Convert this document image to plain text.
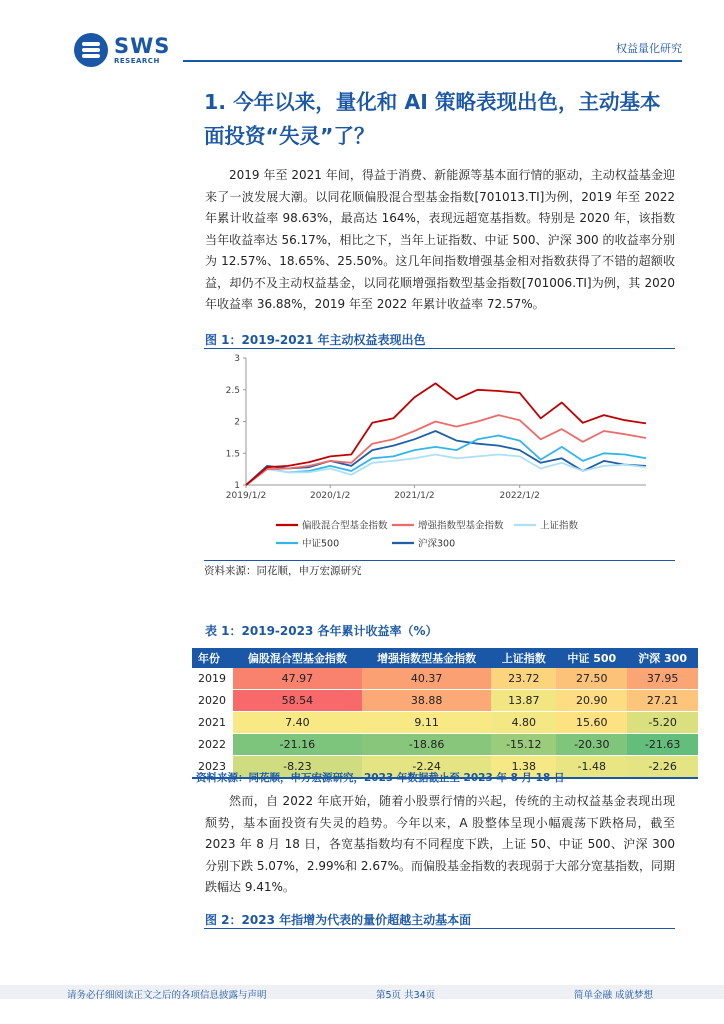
SWS
RESEARCH
权益量化研究
1. 今年以来，量化和 AI 策略表现出色，主动基本面投资“失灵”了？

2019 年至 2021 年间，得益于消费、新能源等基本面行情的驱动，主动权益基金迎来了一波发展大潮。以同花顺偏股混合型基金指数[701013.TI]为例，2019 年至 2022 年累计收益率 98.63%，最高达 164%，表现远超宽基指数。特别是 2020 年，该指数当年收益率达 56.17%，相比之下，当年上证指数、中证 500、沪深 300 的收益率分别为 12.57%、18.65%、25.50%。这几年间指数增强基金相对指数获得了不错的超额收益，却仍不及主动权益基金，以同花顺增强指数型基金指数[701006.TI]为例，其 2020 年收益率 36.88%，2019 年至 2022 年累计收益率 72.57%。

图 1：2019-2021 年主动权益表现出色
1
1.5
2
2.5
3
2019/1/2	2020/1/2	2021/1/2	2022/1/2
偏股混合型基金指数	增强指数型基金指数	上证指数
中证500	沪深300
资料来源：同花顺，申万宏源研究
表 1：2019-2023 各年累计收益率（%）
年份	偏股混合型基金指数	增强指数型基金指数	上证指数	中证 500	沪深 300
2019	47.97	40.37	23.72	27.50	37.95
2020	58.54	38.88	13.87	20.90	27.21
2021	7.40	9.11	4.80	15.60	-5.20
2022	-21.16	-18.86	-15.12	-20.30	-21.63
2023	-8.23	-2.24	1.38	-1.48	-2.26
资料来源：同花顺，申万宏源研究，2023 年数据截止至 2023 年 8 月 18 日

然而，自 2022 年底开始，随着小股票行情的兴起，传统的主动权益基金表现出现颓势，基本面投资有失灵的趋势。今年以来，A 股整体呈现小幅震荡下跌格局，截至 2023 年 8 月 18 日，各宽基指数均有不同程度下跌，上证 50、中证 500、沪深 300 分别下跌 5.07%，2.99%和 2.67%。而偏股基金指数的表现弱于大部分宽基指数，同期跌幅达 9.41%。

图 2：2023 年指增为代表的量价超越主动基本面
请务必仔细阅读正文之后的各项信息披露与声明	第5页 共34页	简单金融 成就梦想
